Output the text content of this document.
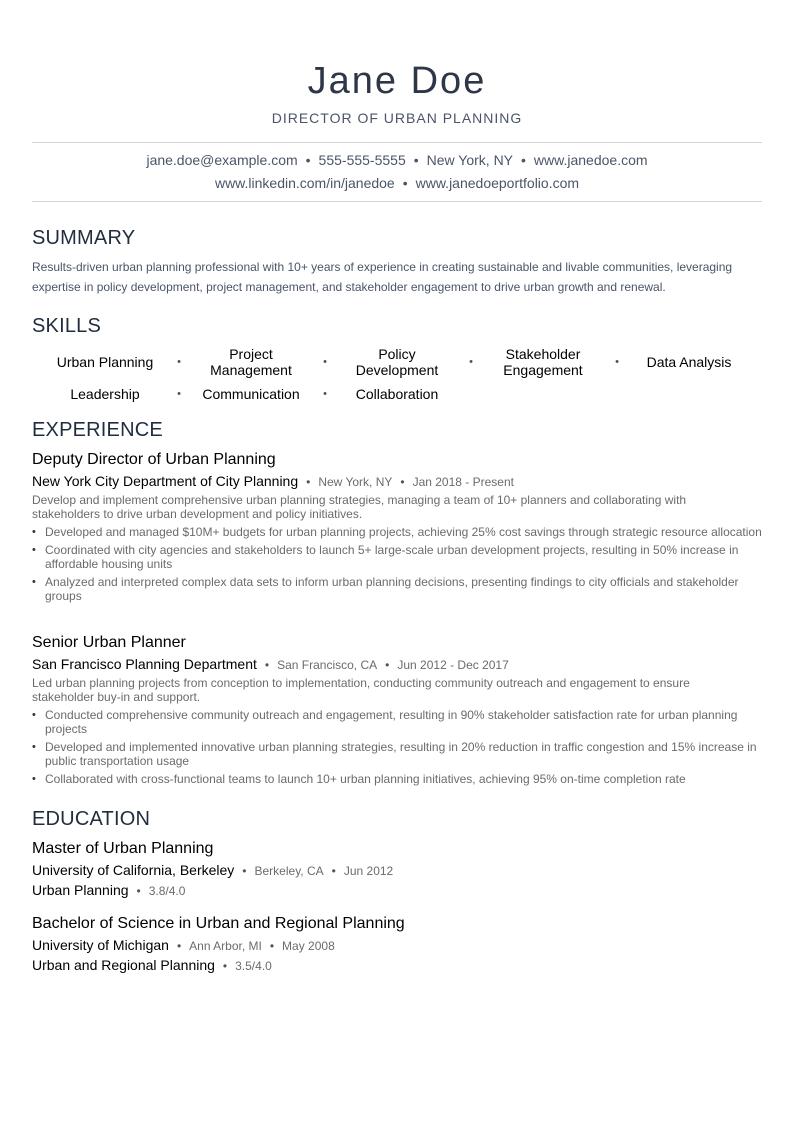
Jane Doe
DIRECTOR OF URBAN PLANNING
jane.doe@example.com • 555-555-5555 • New York, NY • www.janedoe.com
www.linkedin.com/in/janedoe • www.janedoeportfolio.com
SUMMARY
Results-driven urban planning professional with 10+ years of experience in creating sustainable and livable communities, leveraging expertise in policy development, project management, and stakeholder engagement to drive urban growth and renewal.
SKILLS
Urban Planning •	Project Management	•	Policy Development	•	Stakeholder Engagement	• Data Analysis
Leadership	• Communication • Collaboration
EXPERIENCE
Deputy Director of Urban Planning
New York City Department of City Planning • New York, NY • Jan 2018 - Present
Develop and implement comprehensive urban planning strategies, managing a team of 10+ planners and collaborating with stakeholders to drive urban development and policy initiatives.
• Developed and managed $10M+ budgets for urban planning projects, achieving 25% cost savings through strategic resource allocation
• Coordinated with city agencies and stakeholders to launch 5+ large-scale urban development projects, resulting in 50% increase in affordable housing units
• Analyzed and interpreted complex data sets to inform urban planning decisions, presenting findings to city officials and stakeholder groups
Senior Urban Planner
San Francisco Planning Department • San Francisco, CA • Jun 2012 - Dec 2017
Led urban planning projects from conception to implementation, conducting community outreach and engagement to ensure stakeholder buy-in and support.
• Conducted comprehensive community outreach and engagement, resulting in 90% stakeholder satisfaction rate for urban planning projects
• Developed and implemented innovative urban planning strategies, resulting in 20% reduction in traffic congestion and 15% increase in public transportation usage
• Collaborated with cross-functional teams to launch 10+ urban planning initiatives, achieving 95% on-time completion rate
EDUCATION
Master of Urban Planning
University of California, Berkeley • Berkeley, CA • Jun 2012
Urban Planning • 3.8/4.0
Bachelor of Science in Urban and Regional Planning
University of Michigan • Ann Arbor, MI • May 2008
Urban and Regional Planning • 3.5/4.0
